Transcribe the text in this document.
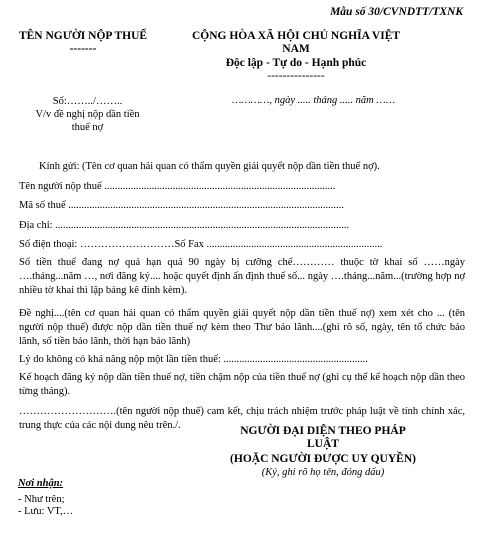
Mẫu số 30/CVNDTT/TXNK
TÊN NGƯỜI NỘP THUẾ
-------
CỘNG HÒA XÃ HỘI CHỦ NGHĨA VIỆT NAM
Độc lập - Tự do - Hạnh phúc
---------------
Số:……../……..
V/v đề nghị nộp dần tiền thuế nợ
…………, ngày ..... tháng ..... năm ……
Kính gửi: (Tên cơ quan hải quan có thẩm quyền giải quyết nộp dần tiền thuế nợ).
Tên người nộp thuế ........................................................................................
Mã số thuế .........................................................................................................
Địa chỉ: ................................................................................................................
Số điện thoại: ………………………Số Fax ...................................................................
Số tiền thuế đang nợ quá hạn quá 90 ngày bị cưỡng chế………… thuộc tờ khai số ……ngày ….tháng...năm …, nơi đăng ký.... hoặc quyết định ấn định thuế số... ngày ….tháng...năm...(trường hợp nợ nhiều tờ khai thì lập bảng kê đính kèm).
Đề nghị....(tên cơ quan hải quan có thẩm quyền giải quyết nộp dần tiền thuế nợ) xem xét cho ... (tên người nộp thuế) được nộp dần tiền thuế nợ kèm theo Thư bảo lãnh....(ghi rõ số, ngày, tên tổ chức bảo lãnh, số tiền bảo lãnh, thời hạn bảo lãnh)
Lý do không có khả năng nộp một lần tiền thuế: .......................................................
Kế hoạch đăng ký nộp dần tiền thuế nợ, tiền chậm nộp của tiền thuế nợ (ghi cụ thể kế hoạch nộp dần theo từng tháng).
……………………….(tên người nộp thuế) cam kết, chịu trách nhiệm trước pháp luật về tính chính xác, trung thực của các nội dung nêu trên./.	NGƯỜI ĐẠI DIỆN THEO PHÁP LUẬT
(HOẶC NGƯỜI ĐƯỢC UY QUYỀN)
(Ký, ghi rõ họ tên, đóng dấu)
Nơi nhận:
- Như trên;
- Lưu: VT,…
